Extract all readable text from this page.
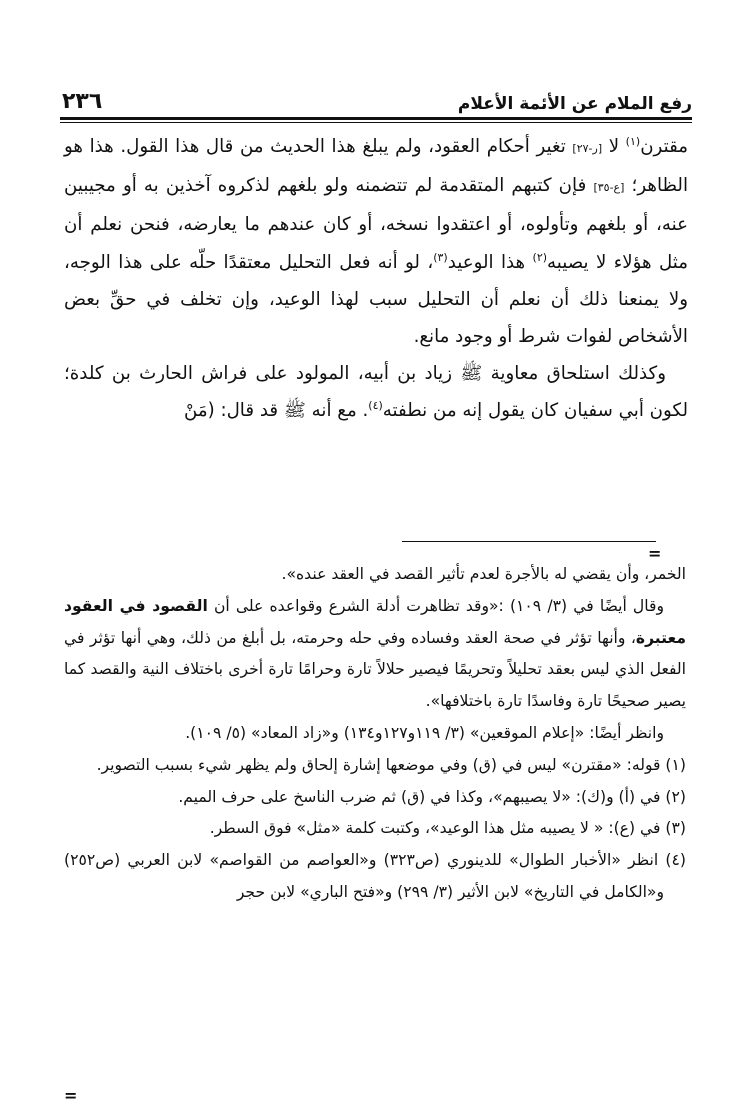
رفع الملام عن الأئمة الأعلام
٢٣٦

مقترن$^{(١)}$ لا [ر-٢٧] تغير أحكام العقود، ولم يبلغ هذا الحديث من قال هذا القول. هذا هو الظاهر؛ [ع-٣٥] فإن كتبهم المتقدمة لم تتضمنه ولو بلغهم لذكروه آخذين به أو مجيبين عنه، أو بلغهم وتأولوه، أو اعتقدوا نسخه، أو كان عندهم ما يعارضه، فنحن نعلم أن مثل هؤلاء لا يصيبه$^{(٢)}$ هذا الوعيد$^{(٣)}$، لو أنه فعل التحليل معتقدًا حلّه على هذا الوجه، ولا يمنعنا ذلك أن نعلم أن التحليل سبب لهذا الوعيد، وإن تخلف في حقِّ بعض الأشخاص لفوات شرط أو وجود مانع.

وكذلك استلحاق معاوية ﷺ زياد بن أبيه، المولود على فراش الحارث بن كلدة؛ لكون أبي سفيان كان يقول إنه من نطفته$^{(٤)}$. مع أنه ﷺ قد قال: (مَنْ

=

الخمر، وأن يقضي له بالأجرة لعدم تأثير القصد في العقد عنده».

وقال أيضًا في (٣/ ١٠٩) :«وقد تظاهرت أدلة الشرع وقواعده على أن القصود في العقود معتبرة، وأنها تؤثر في صحة العقد وفساده وفي حله وحرمته، بل أبلغ من ذلك، وهي أنها تؤثر في الفعل الذي ليس بعقد تحليلاً وتحريمًا فيصير حلالاً تارة وحرامًا تارة أخرى باختلاف النية والقصد كما يصير صحيحًا تارة وفاسدًا تارة باختلافها».

وانظر أيضًا: «إعلام الموقعين» (٣/ ١١٩و١٢٧و١٣٤) و«زاد المعاد» (٥/ ١٠٩).

(١) قوله: «مقترن» ليس في (ق) وفي موضعها إشارة إلحاق ولم يظهر شيء بسبب التصوير.

(٢) في (أ) و(ك): «لا يصيبهم»، وكذا في (ق) ثم ضرب الناسخ على حرف الميم.

(٣) في (ع): « لا يصيبه مثل هذا الوعيد»، وكتبت كلمة «مثل» فوق السطر.

(٤) انظر «الأخبار الطوال» للدينوري (ص٣٢٣) و«العواصم من القواصم» لابن العربي (ص٢٥٢) و«الكامل في التاريخ» لابن الأثير (٣/ ٢٩٩) و«فتح الباري» لابن حجر

=
